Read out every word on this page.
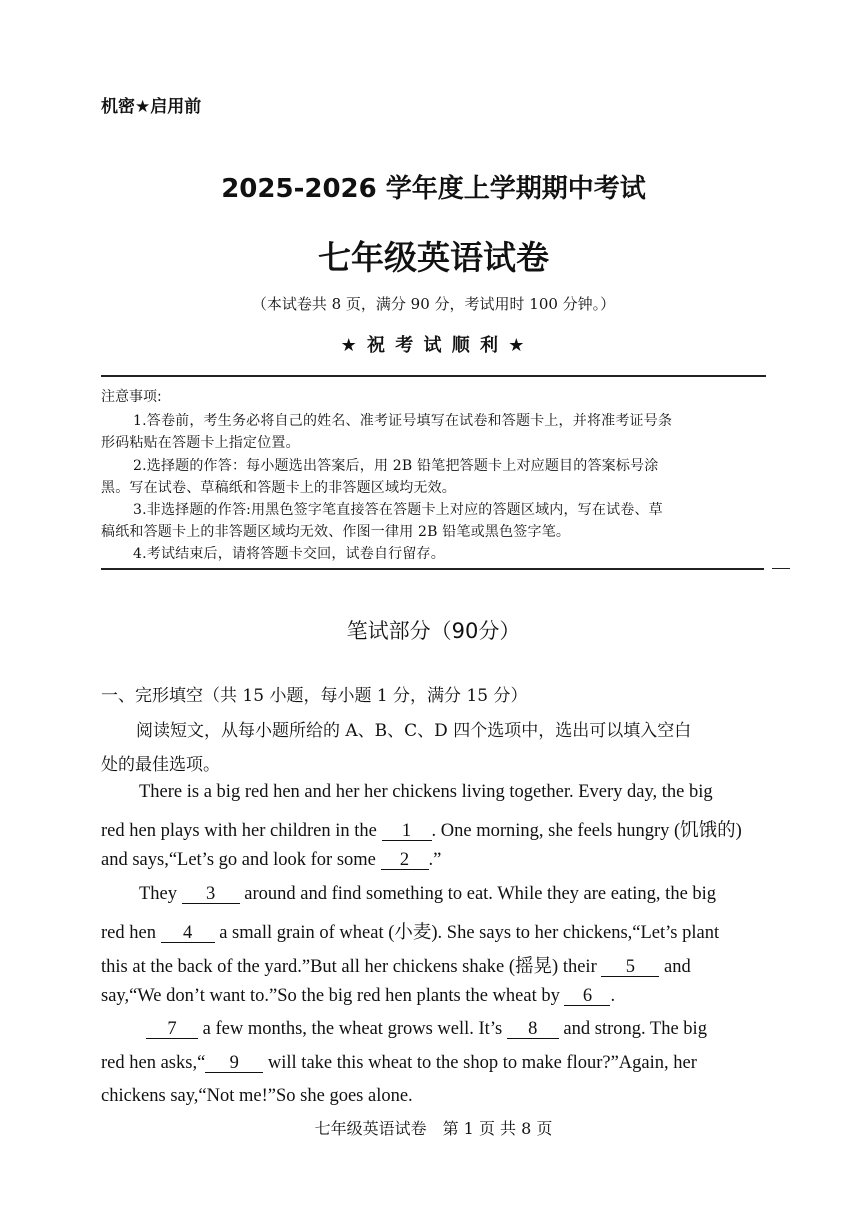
机密★启用前
2025-2026 学年度上学期期中考试
七年级英语试卷
（本试卷共 8 页，满分 90 分，考试用时 100 分钟。）
★ 祝 考 试 顺 利 ★
注意事项:
1.答卷前，考生务必将自己的姓名、准考证号填写在试卷和答题卡上，并将准考证号条
形码粘贴在答题卡上指定位置。
2.选择题的作答：每小题选出答案后，用 2B 铅笔把答题卡上对应题目的答案标号涂
黑。写在试卷、草稿纸和答题卡上的非答题区域均无效。
3.非选择题的作答:用黑色签字笔直接答在答题卡上对应的答题区域内，写在试卷、草
稿纸和答题卡上的非答题区域均无效、作图一律用 2B 铅笔或黑色签字笔。
4.考试结束后，请将答题卡交回，试卷自行留存。
笔试部分（90分）
一、完形填空（共 15 小题，每小题 1 分，满分 15 分）
阅读短文，从每小题所给的 A、B、C、D 四个选项中，选出可以填入空白
处的最佳选项。
There is a big red hen and her her chickens living together. Every day, the big
red hen plays with her children in the 1 . One morning, she feels hungry (饥饿的)
and says,“Let’s go and look for some 2 .”
They 3 around and find something to eat. While they are eating, the big
red hen 4 a small grain of wheat (小麦). She says to her chickens,“Let’s plant
this at the back of the yard.”But all her chickens shake (摇晃) their 5 and
say,“We don’t want to.”So the big red hen plants the wheat by 6 .
7 a few months, the wheat grows well. It’s 8 and strong. The big
red hen asks,“ 9 will take this wheat to the shop to make flour?”Again, her
chickens say,“Not me!”So she goes alone.
七年级英语试卷　第 1 页 共 8 页
